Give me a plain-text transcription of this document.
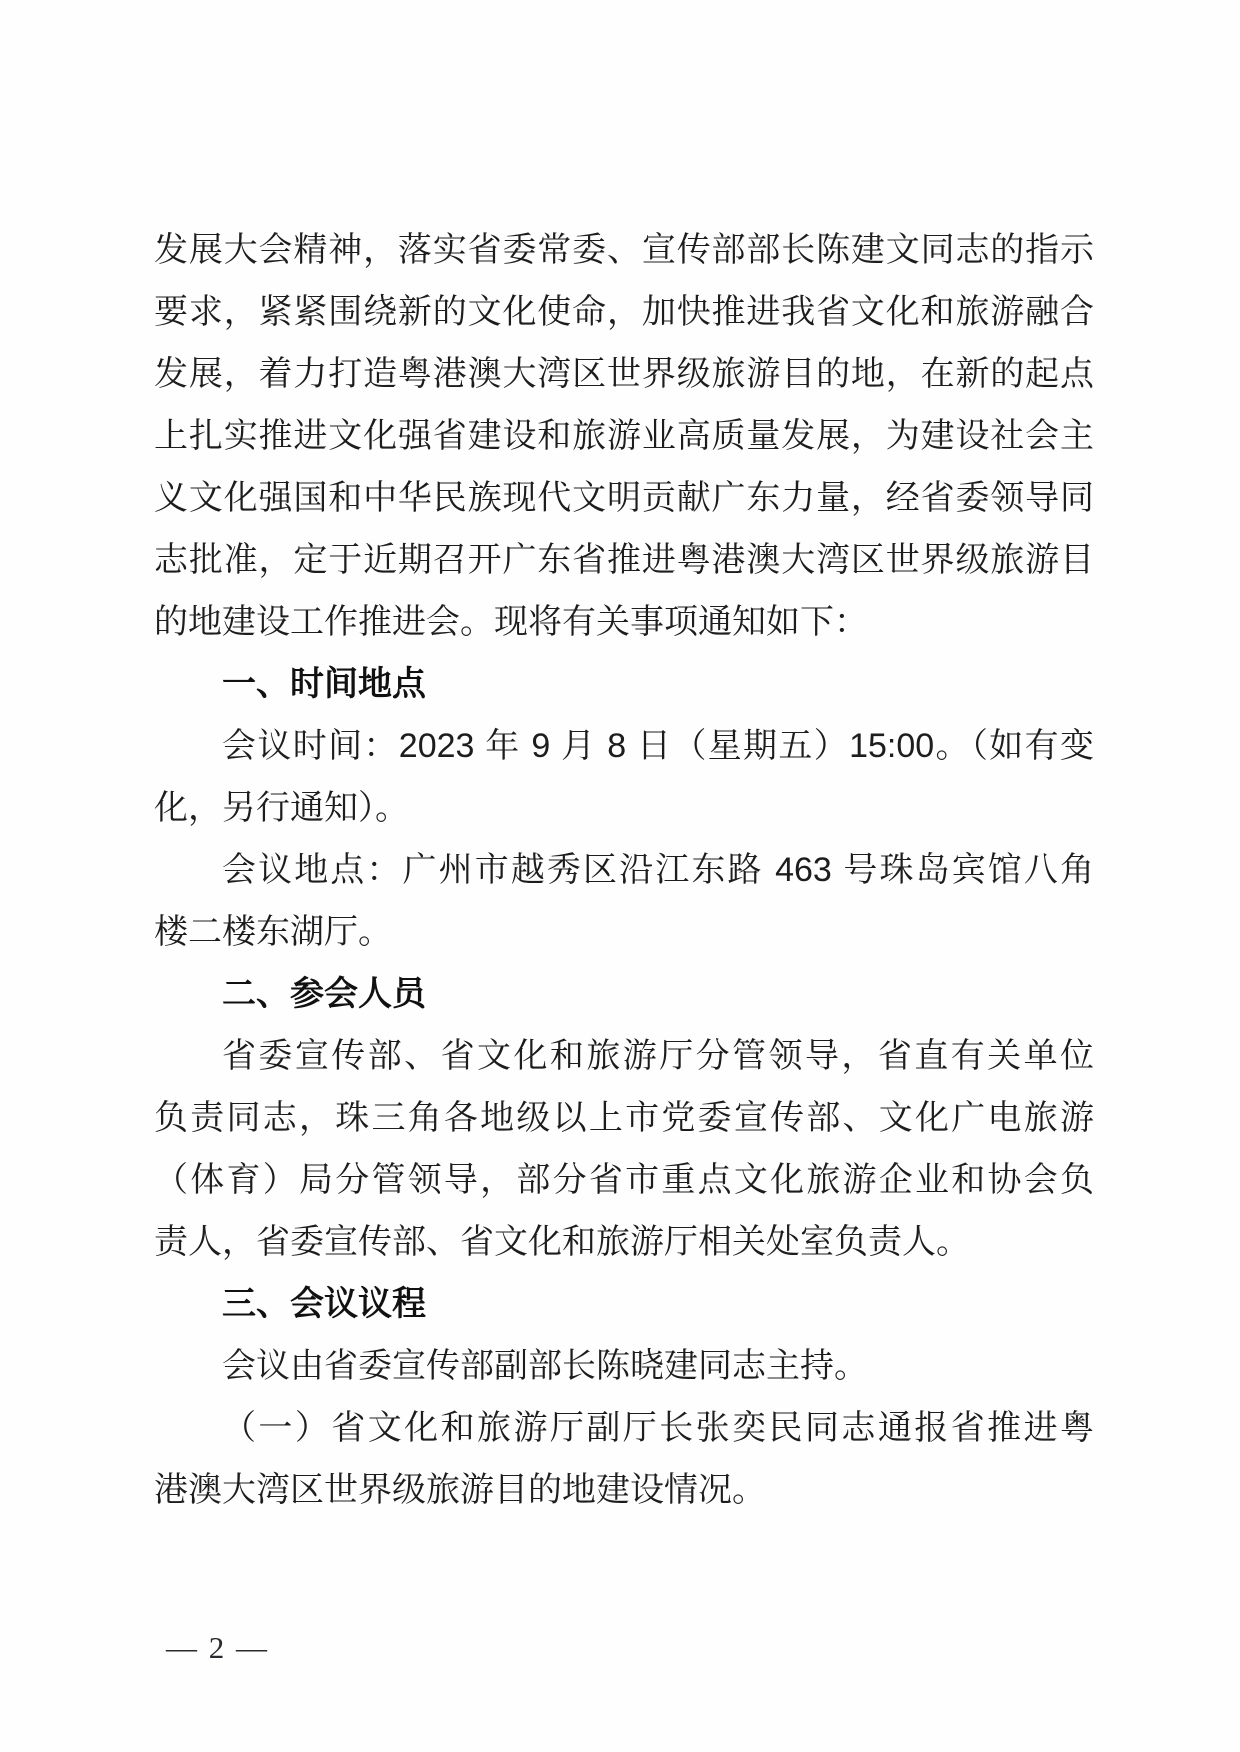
发展大会精神，落实省委常委、宣传部部长陈建文同志的指示
要求，紧紧围绕新的文化使命，加快推进我省文化和旅游融合
发展，着力打造粤港澳大湾区世界级旅游目的地，在新的起点
上扎实推进文化强省建设和旅游业高质量发展，为建设社会主
义文化强国和中华民族现代文明贡献广东力量，经省委领导同
志批准，定于近期召开广东省推进粤港澳大湾区世界级旅游目
的地建设工作推进会。现将有关事项通知如下：
一、时间地点
会议时间：2023 年 9 月 8 日（星期五）15:00。（如有变
化，另行通知）。
会议地点：广州市越秀区沿江东路 463 号珠岛宾馆八角
楼二楼东湖厅。
二、参会人员
省委宣传部、省文化和旅游厅分管领导，省直有关单位
负责同志，珠三角各地级以上市党委宣传部、文化广电旅游
（体育）局分管领导，部分省市重点文化旅游企业和协会负
责人，省委宣传部、省文化和旅游厅相关处室负责人。
三、会议议程
会议由省委宣传部副部长陈晓建同志主持。
（一）省文化和旅游厅副厅长张奕民同志通报省推进粤
港澳大湾区世界级旅游目的地建设情况。
— 2 —
